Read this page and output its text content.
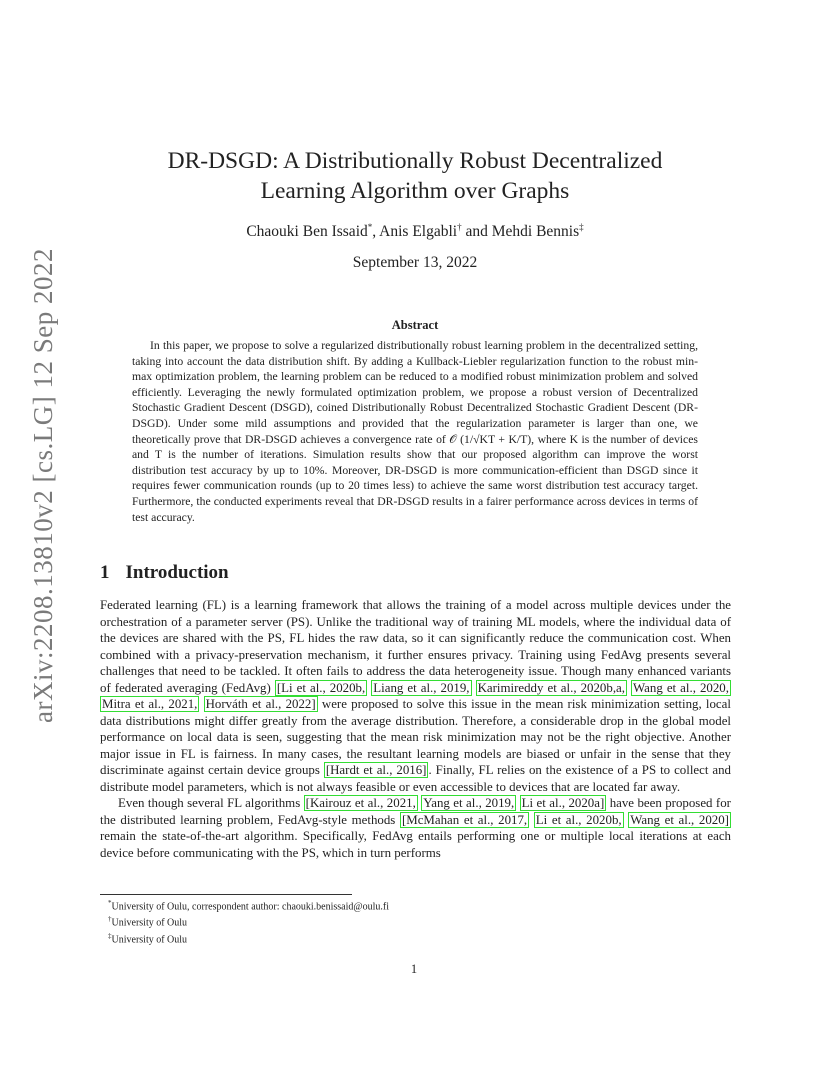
arXiv:2208.13810v2 [cs.LG] 12 Sep 2022
DR-DSGD: A Distributionally Robust Decentralized
Learning Algorithm over Graphs
Chaouki Ben Issaid*, Anis Elgabli† and Mehdi Bennis‡
September 13, 2022
Abstract

In this paper, we propose to solve a regularized distributionally robust learning problem in the decentralized setting, taking into account the data distribution shift. By adding a Kullback-Liebler regularization function to the robust min-max optimization problem, the learning problem can be reduced to a modified robust minimization problem and solved efficiently. Leveraging the newly formulated optimization problem, we propose a robust version of Decentralized Stochastic Gradient Descent (DSGD), coined Distributionally Robust Decentralized Stochastic Gradient Descent (DR-DSGD). Under some mild assumptions and provided that the regularization parameter is larger than one, we theoretically prove that DR-DSGD achieves a convergence rate of 𝒪 (1/√KT + K/T), where K is the number of devices and T is the number of iterations. Simulation results show that our proposed algorithm can improve the worst distribution test accuracy by up to 10%. Moreover, DR-DSGD is more communication-efficient than DSGD since it requires fewer communication rounds (up to 20 times less) to achieve the same worst distribution test accuracy target. Furthermore, the conducted experiments reveal that DR-DSGD results in a fairer performance across devices in terms of test accuracy.

1 Introduction

Federated learning (FL) is a learning framework that allows the training of a model across multiple devices under the orchestration of a parameter server (PS). Unlike the traditional way of training ML models, where the individual data of the devices are shared with the PS, FL hides the raw data, so it can significantly reduce the communication cost. When combined with a privacy-preservation mechanism, it further ensures privacy. Training using FedAvg presents several challenges that need to be tackled. It often fails to address the data heterogeneity issue. Though many enhanced variants of federated averaging (FedAvg) [Li et al., 2020b, Liang et al., 2019, Karimireddy et al., 2020b,a, Wang et al., 2020, Mitra et al., 2021, Horváth et al., 2022] were proposed to solve this issue in the mean risk minimization setting, local data distributions might differ greatly from the average distribution. Therefore, a considerable drop in the global model performance on local data is seen, suggesting that the mean risk minimization may not be the right objective. Another major issue in FL is fairness. In many cases, the resultant learning models are biased or unfair in the sense that they discriminate against certain device groups [Hardt et al., 2016] . Finally, FL relies on the existence of a PS to collect and distribute model parameters, which is not always feasible or even accessible to devices that are located far away.

Even though several FL algorithms [Kairouz et al., 2021, Yang et al., 2019, Li et al., 2020a] have been proposed for the distributed learning problem, FedAvg-style methods [McMahan et al., 2017, Li et al., 2020b, Wang et al., 2020] remain the state-of-the-art algorithm. Specifically, FedAvg entails performing one or multiple local iterations at each device before communicating with the PS, which in turn performs

*University of Oulu, correspondent author: chaouki.benissaid@oulu.fi
†University of Oulu
‡University of Oulu
1
